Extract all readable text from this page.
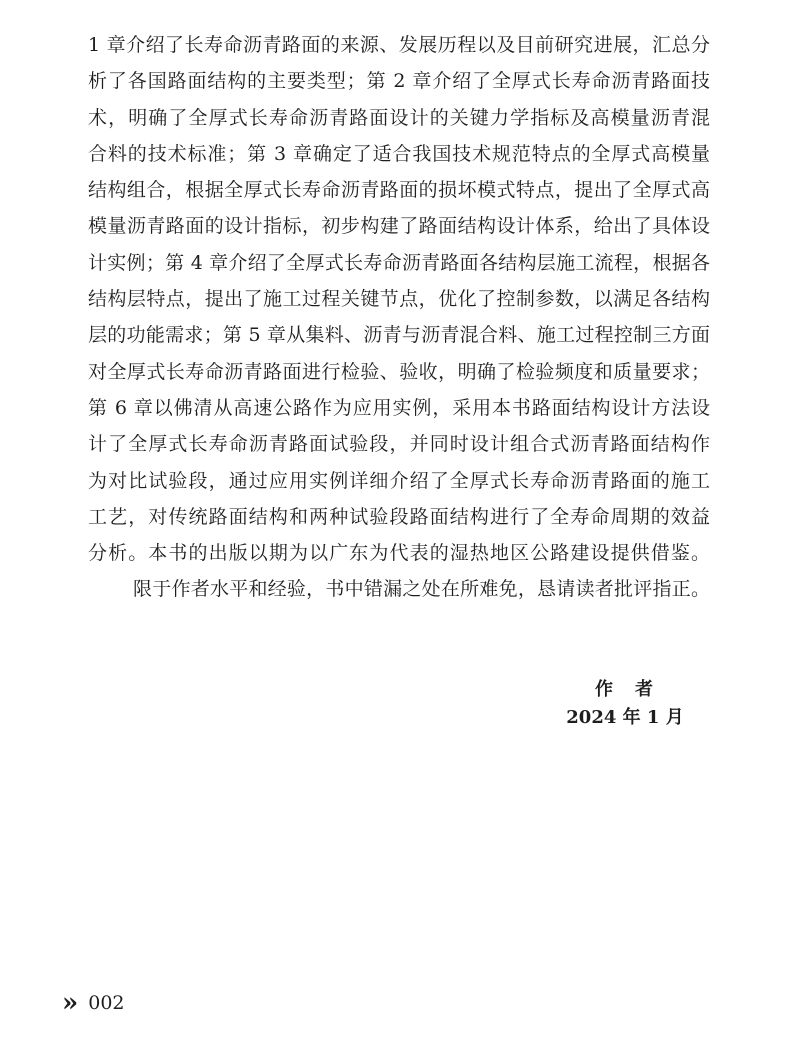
1 章介绍了长寿命沥青路面的来源、发展历程以及目前研究进展，汇总分
析了各国路面结构的主要类型；第 2 章介绍了全厚式长寿命沥青路面技
术，明确了全厚式长寿命沥青路面设计的关键力学指标及高模量沥青混
合料的技术标准；第 3 章确定了适合我国技术规范特点的全厚式高模量
结构组合，根据全厚式长寿命沥青路面的损坏模式特点，提出了全厚式高
模量沥青路面的设计指标，初步构建了路面结构设计体系，给出了具体设
计实例；第 4 章介绍了全厚式长寿命沥青路面各结构层施工流程，根据各
结构层特点，提出了施工过程关键节点，优化了控制参数，以满足各结构
层的功能需求；第 5 章从集料、沥青与沥青混合料、施工过程控制三方面
对全厚式长寿命沥青路面进行检验、验收，明确了检验频度和质量要求；
第 6 章以佛清从高速公路作为应用实例，采用本书路面结构设计方法设
计了全厚式长寿命沥青路面试验段，并同时设计组合式沥青路面结构作
为对比试验段，通过应用实例详细介绍了全厚式长寿命沥青路面的施工
工艺，对传统路面结构和两种试验段路面结构进行了全寿命周期的效益
分析。本书的出版以期为以广东为代表的湿热地区公路建设提供借鉴。
限于作者水平和经验，书中错漏之处在所难免，恳请读者批评指正。
作　者
2024 年 1 月
» 002
